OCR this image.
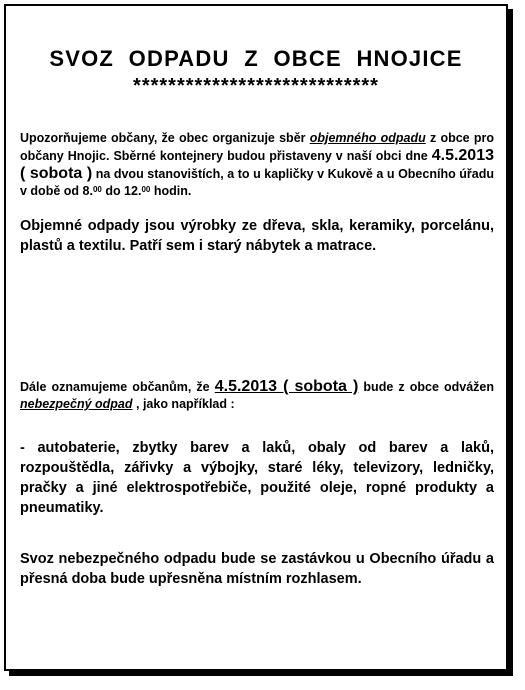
SVOZ  ODPADU  Z  OBCE  HNOJICE
****************************
Upozorňujeme občany, že obec organizuje sběr objemného odpadu z obce pro občany Hnojic. Sběrné kontejnery budou přistaveny v naší obci dne 4.5.2013 ( sobota ) na dvou stanovištích, a to u kapličky v Kukově a u Obecního úřadu v době od 8.00 do 12.00 hodin.
Objemné odpady jsou výrobky ze dřeva, skla, keramiky, porcelánu, plastů a textilu. Patří sem i starý nábytek a matrace.
Dále oznamujeme občanům, že 4.5.2013 ( sobota ) bude z obce odvážen nebezpečný odpad , jako například :
- autobaterie, zbytky barev a laků, obaly od barev a laků, rozpouštědla, zářivky a výbojky, staré léky, televizory, ledničky, pračky a jiné elektrospotřebiče, použité oleje, ropné produkty a pneumatiky.
Svoz nebezpečného odpadu bude se zastávkou u Obecního úřadu a přesná doba bude upřesněna místním rozhlasem.
